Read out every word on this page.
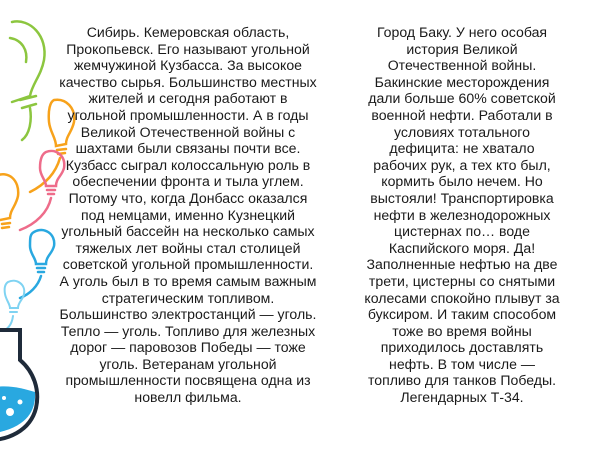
Сибирь. Кемеровская область,
Прокопьевск. Его называют угольной
жемчужиной Кузбасса. За высокое
качество сырья. Большинство местных
жителей и сегодня работают в
угольной промышленности. А в годы
Великой Отечественной войны с
шахтами были связаны почти все.
Кузбасс сыграл колоссальную роль в
обеспечении фронта и тыла углем.
Потому что, когда Донбасс оказался
под немцами, именно Кузнецкий
угольный бассейн на несколько самых
тяжелых лет войны стал столицей
советской угольной промышленности.
А уголь был в то время самым важным
стратегическим топливом.
Большинство электростанций — уголь.
Тепло — уголь. Топливо для железных
дорог — паровозов Победы — тоже
уголь. Ветеранам угольной
промышленности посвящена одна из
новелл фильма.
Город Баку. У него особая
история Великой
Отечественной войны.
Бакинские месторождения
дали больше 60% советской
военной нефти. Работали в
условиях тотального
дефицита: не хватало
рабочих рук, а тех кто был,
кормить было нечем. Но
выстояли! Транспортировка
нефти в железнодорожных
цистернах по… воде
Каспийского моря. Да!
Заполненные нефтью на две
трети, цистерны со снятыми
колесами спокойно плывут за
буксиром. И таким способом
тоже во время войны
приходилось доставлять
нефть. В том числе —
топливо для танков Победы.
Легендарных Т-34.
